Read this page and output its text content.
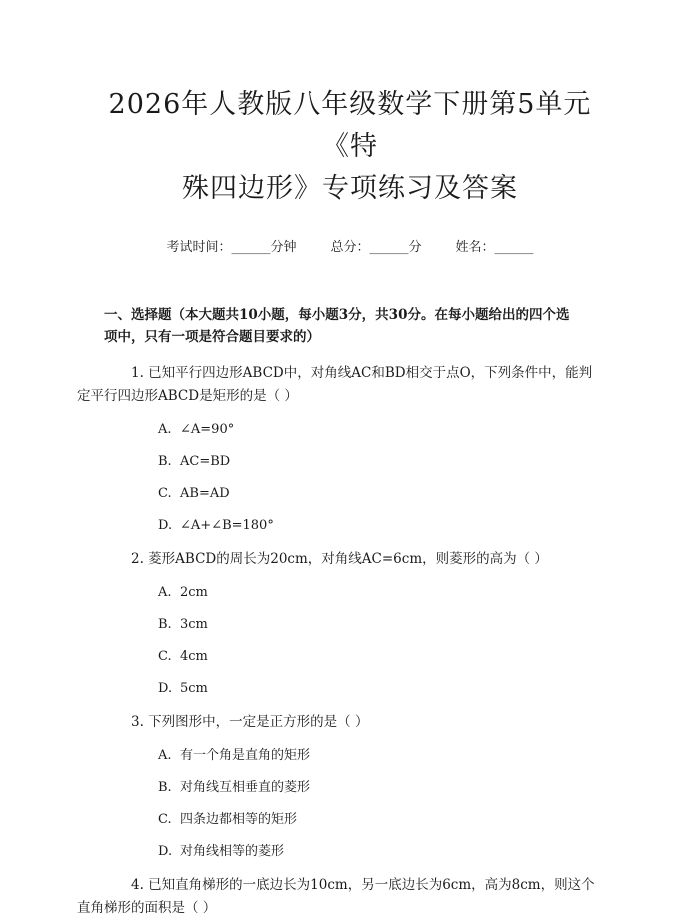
2026年人教版八年级数学下册第5单元《特
殊四边形》专项练习及答案
考试时间：______分钟	总分：______分	姓名：______
一、选择题（本大题共10小题，每小题3分，共30分。在每小题给出的四个选
项中，只有一项是符合题目要求的）

1. 已知平行四边形ABCD中，对角线AC和BD相交于点O，下列条件中，能判
定平行四边形ABCD是矩形的是（ ）

A. ∠A=90°
B. AC=BD
C. AB=AD
D. ∠A+∠B=180°

2. 菱形ABCD的周长为20cm，对角线AC=6cm，则菱形的高为（ ）

A. 2cm
B. 3cm
C. 4cm
D. 5cm

3. 下列图形中，一定是正方形的是（ ）

A. 有一个角是直角的矩形
B. 对角线互相垂直的菱形
C. 四条边都相等的矩形
D. 对角线相等的菱形

4. 已知直角梯形的一底边长为10cm，另一底边长为6cm，高为8cm，则这个
直角梯形的面积是（ ）
